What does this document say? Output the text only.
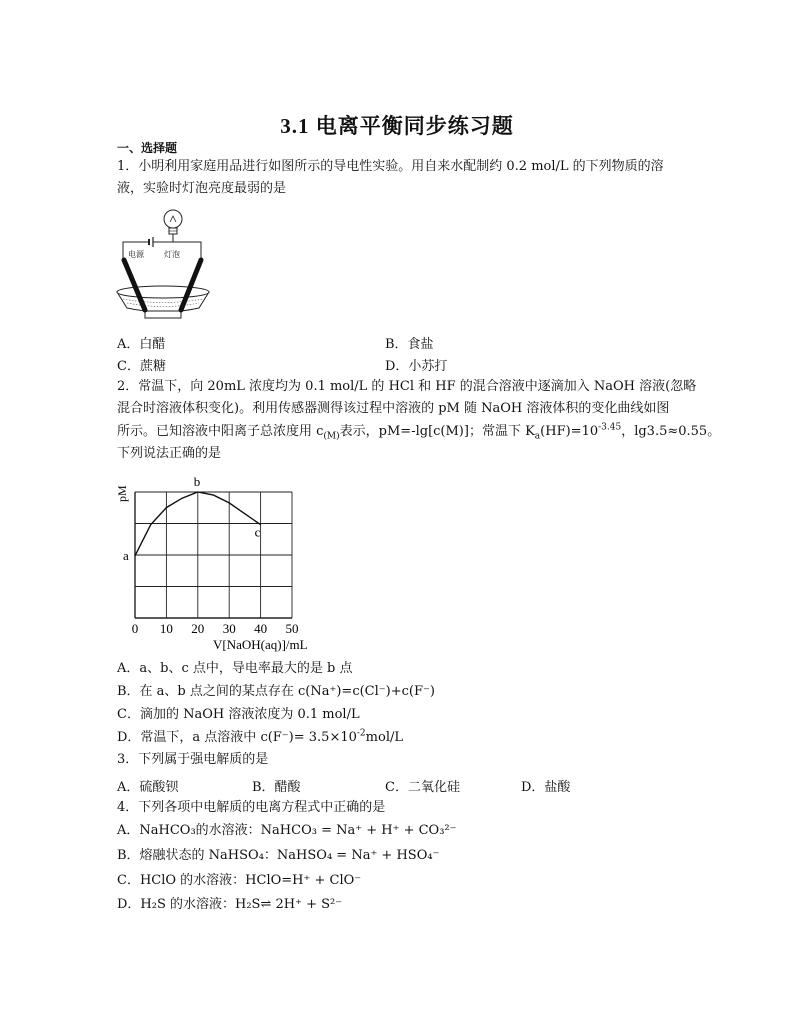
3.1 电离平衡同步练习题
一、选择题
1．小明利用家庭用品进行如图所示的导电性实验。用自来水配制约 0.2 mol/L 的下列物质的溶
液，实验时灯泡亮度最弱的是
电源	灯泡
A．白醋	B．食盐
C．蔗糖	D．小苏打
2．常温下，向 20mL 浓度均为 0.1 mol/L 的 HCl 和 HF 的混合溶液中逐滴加入 NaOH 溶液(忽略
混合时溶液体积变化)。利用传感器测得该过程中溶液的 pM 随 NaOH 溶液体积的变化曲线如图
所示。已知溶液中阳离子总浓度用 $c_{(M)}$表示，pM=-lg[c(M)]；常温下 $K_a(HF)=10^{-3.45}$，lg3.5≈0.55。
下列说法正确的是
0 10 20 30 40 50
a
b
c
pM
V[NaOH(aq)]/mL
A．a、b、c 点中，导电率最大的是 b 点
B．在 a、b 点之间的某点存在 c(Na⁺)=c(Cl⁻)+c(F⁻)
C．滴加的 NaOH 溶液浓度为 0.1 mol/L
D．常温下，a 点溶液中 $c(F^-)= 3.5\times 10^{-2}mol/L$
3．下列属于强电解质的是
A．硫酸钡	B．醋酸	C．二氧化硅	D．盐酸
4．下列各项中电解质的电离方程式中正确的是
A．NaHCO₃的水溶液：NaHCO₃ = Na⁺ + H⁺ + CO₃²⁻
B．熔融状态的 NaHSO₄：NaHSO₄ = Na⁺ + HSO₄⁻
C．HClO 的水溶液：HClO=H⁺ + ClO⁻
D．H₂S 的水溶液：H₂S⇌ 2H⁺ + S²⁻
